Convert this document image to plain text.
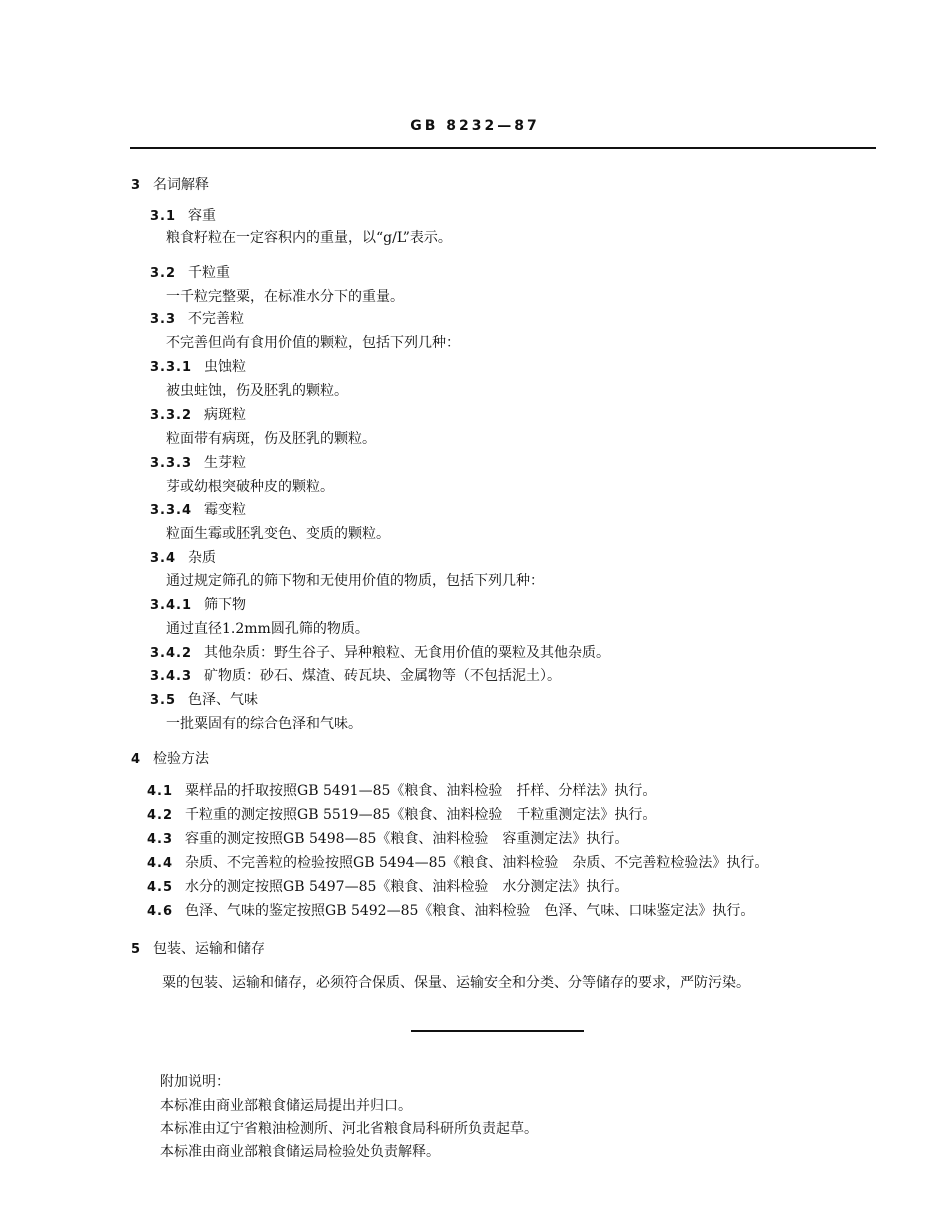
GB 8232—87
3 名词解释
3.1 容重
粮食籽粒在一定容积内的重量，以“g/L”表示。
3.2 千粒重
一千粒完整粟，在标准水分下的重量。
3.3 不完善粒
不完善但尚有食用价值的颗粒，包括下列几种：
3.3.1 虫蚀粒
被虫蛀蚀，伤及胚乳的颗粒。
3.3.2 病斑粒
粒面带有病斑，伤及胚乳的颗粒。
3.3.3 生芽粒
芽或幼根突破种皮的颗粒。
3.3.4 霉变粒
粒面生霉或胚乳变色、变质的颗粒。
3.4 杂质
通过规定筛孔的筛下物和无使用价值的物质，包括下列几种：
3.4.1 筛下物
通过直径1.2mm圆孔筛的物质。
3.4.2 其他杂质：野生谷子、异种粮粒、无食用价值的粟粒及其他杂质。
3.4.3 矿物质：砂石、煤渣、砖瓦块、金属物等（不包括泥土）。
3.5 色泽、气味
一批粟固有的综合色泽和气味。
4 检验方法
4.1 粟样品的扦取按照GB 5491—85《粮食、油料检验　扦样、分样法》执行。
4.2 千粒重的测定按照GB 5519—85《粮食、油料检验　千粒重测定法》执行。
4.3 容重的测定按照GB 5498—85《粮食、油料检验　容重测定法》执行。
4.4 杂质、不完善粒的检验按照GB 5494—85《粮食、油料检验　杂质、不完善粒检验法》执行。
4.5 水分的测定按照GB 5497—85《粮食、油料检验　水分测定法》执行。
4.6 色泽、气味的鉴定按照GB 5492—85《粮食、油料检验　色泽、气味、口味鉴定法》执行。
5 包装、运输和储存
粟的包装、运输和储存，必须符合保质、保量、运输安全和分类、分等储存的要求，严防污染。
附加说明：
本标准由商业部粮食储运局提出并归口。
本标准由辽宁省粮油检测所、河北省粮食局科研所负责起草。
本标准由商业部粮食储运局检验处负责解释。
